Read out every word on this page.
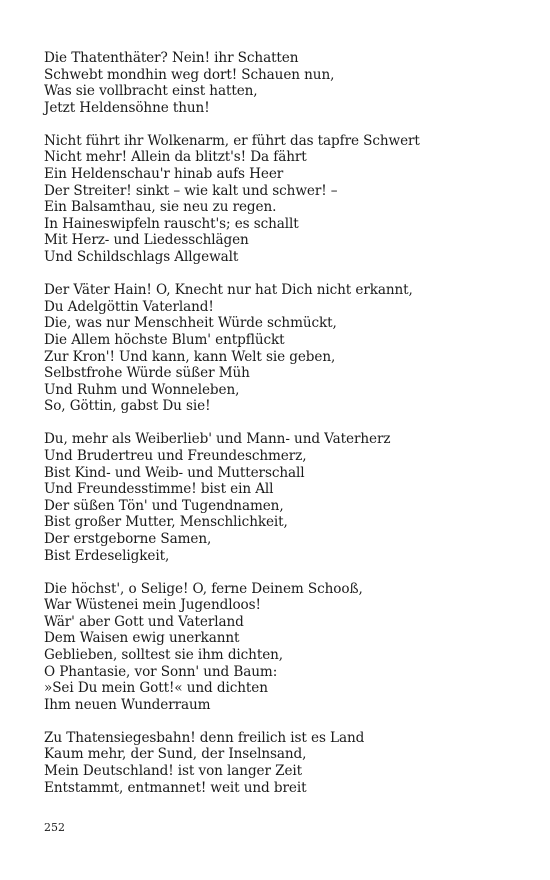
Die Thatenthäter? Nein! ihr Schatten
Schwebt mondhin weg dort! Schauen nun,
Was sie vollbracht einst hatten,
Jetzt Heldensöhne thun!
Nicht führt ihr Wolkenarm, er führt das tapfre Schwert
Nicht mehr! Allein da blitzt's! Da fährt
Ein Heldenschau'r hinab aufs Heer
Der Streiter! sinkt – wie kalt und schwer! –
Ein Balsamthau, sie neu zu regen.
In Haineswipfeln rauscht's; es schallt
Mit Herz- und Liedesschlägen
Und Schildschlags Allgewalt
Der Väter Hain! O, Knecht nur hat Dich nicht erkannt,
Du Adelgöttin Vaterland!
Die, was nur Menschheit Würde schmückt,
Die Allem höchste Blum' entpflückt
Zur Kron'! Und kann, kann Welt sie geben,
Selbstfrohe Würde süßer Müh
Und Ruhm und Wonneleben,
So, Göttin, gabst Du sie!
Du, mehr als Weiberlieb' und Mann- und Vaterherz
Und Brudertreu und Freundeschmerz,
Bist Kind- und Weib- und Mutterschall
Und Freundesstimme! bist ein All
Der süßen Tön' und Tugendnamen,
Bist großer Mutter, Menschlichkeit,
Der erstgeborne Samen,
Bist Erdeseligkeit,
Die höchst', o Selige! O, ferne Deinem Schooß,
War Wüstenei mein Jugendloos!
Wär' aber Gott und Vaterland
Dem Waisen ewig unerkannt
Geblieben, solltest sie ihm dichten,
O Phantasie, vor Sonn' und Baum:
»Sei Du mein Gott!« und dichten
Ihm neuen Wunderraum
Zu Thatensiegesbahn! denn freilich ist es Land
Kaum mehr, der Sund, der Inselnsand,
Mein Deutschland! ist von langer Zeit
Entstammt, entmannet! weit und breit
252
